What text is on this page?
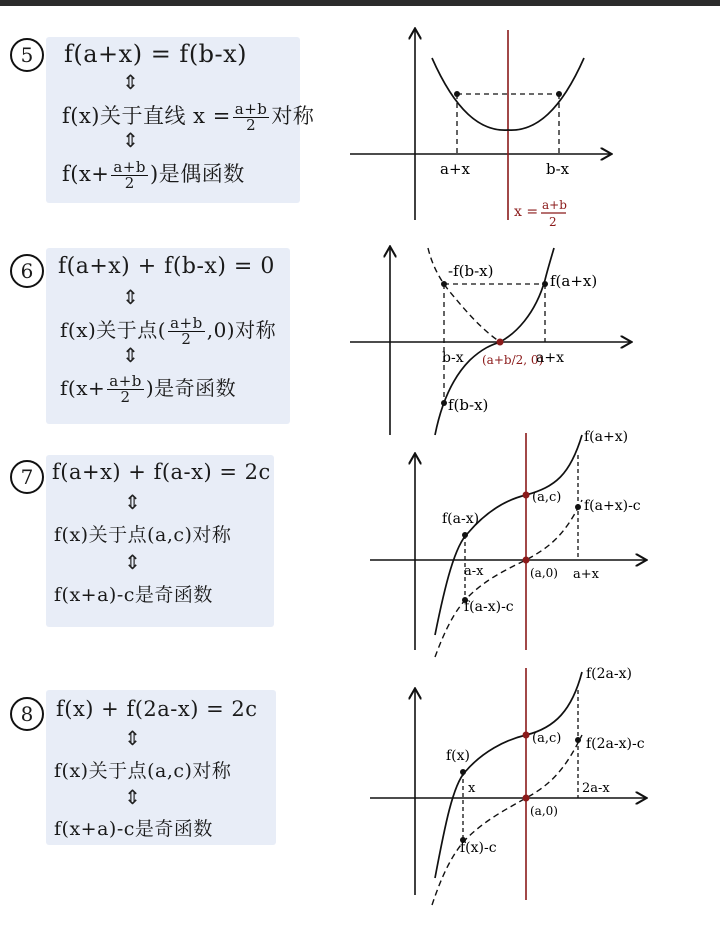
5	f(a+x) = f(b-x)
⇕
f(x)关于直线 $x = \frac{a+b}{2}$ 对称
⇕
$f(x+ \frac{a+b}{2}$ )是偶函数	a+x	b-x
x = a+b
2
6	f(a+x) + f(b-x) = 0
⇕
f(x)关于点( $\frac{a+b}{2} ,0$)对称
⇕
$f(x+ \frac{a+b}{2}$ )是奇函数
-f(b-x)
f(a+x)
b-x (a+b/2, 0)
a+x
f(b-x)
7 f(a+x) + f(a-x) = 2c
⇕
f(x)关于点(a,c)对称
⇕
f(x+a)-c是奇函数
f(a+x)
f(a-x)
(a,c)
f(a+x)-c
a-x	(a,0) a+x
f(a-x)-c
8	f(x) + f(2a-x) = 2c
⇕
f(x)关于点(a,c)对称
⇕
f(x+a)-c是奇函数
f(2a-x)
f(x)
(a,c) f(2a-x)-c
x	2a-x
(a,0)
f(x)-c
